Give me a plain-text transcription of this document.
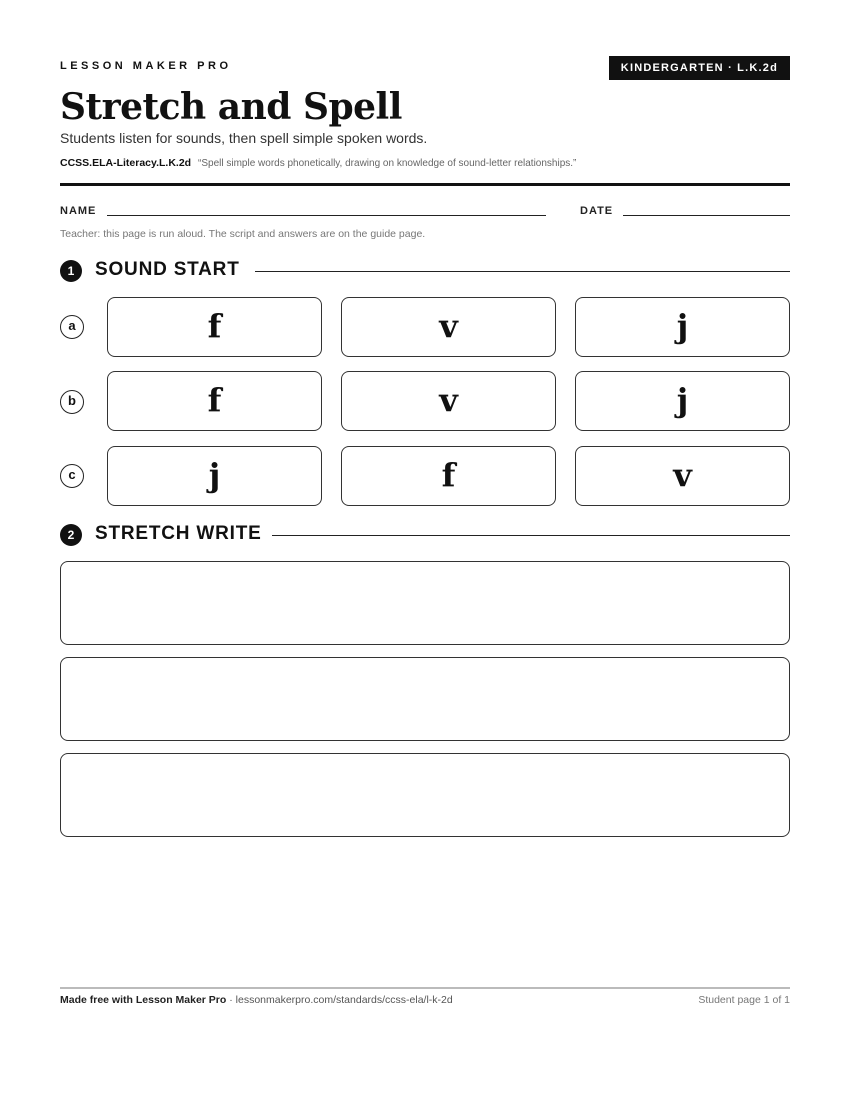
LESSON MAKER PRO	KINDERGARTEN · L.K.2d
Stretch and Spell
Students listen for sounds, then spell simple spoken words.
CCSS.ELA-Literacy.L.K.2d “Spell simple words phonetically, drawing on knowledge of sound-letter relationships.”
NAME	DATE
Teacher: this page is run aloud. The script and answers are on the guide page.
1	SOUND START
a	f	v	j
b	f	v	j
c	j	f	v
2	STRETCH WRITE
Made free with Lesson Maker Pro · lessonmakerpro.com/standards/ccss-ela/l-k-2d	Student page 1 of 1
